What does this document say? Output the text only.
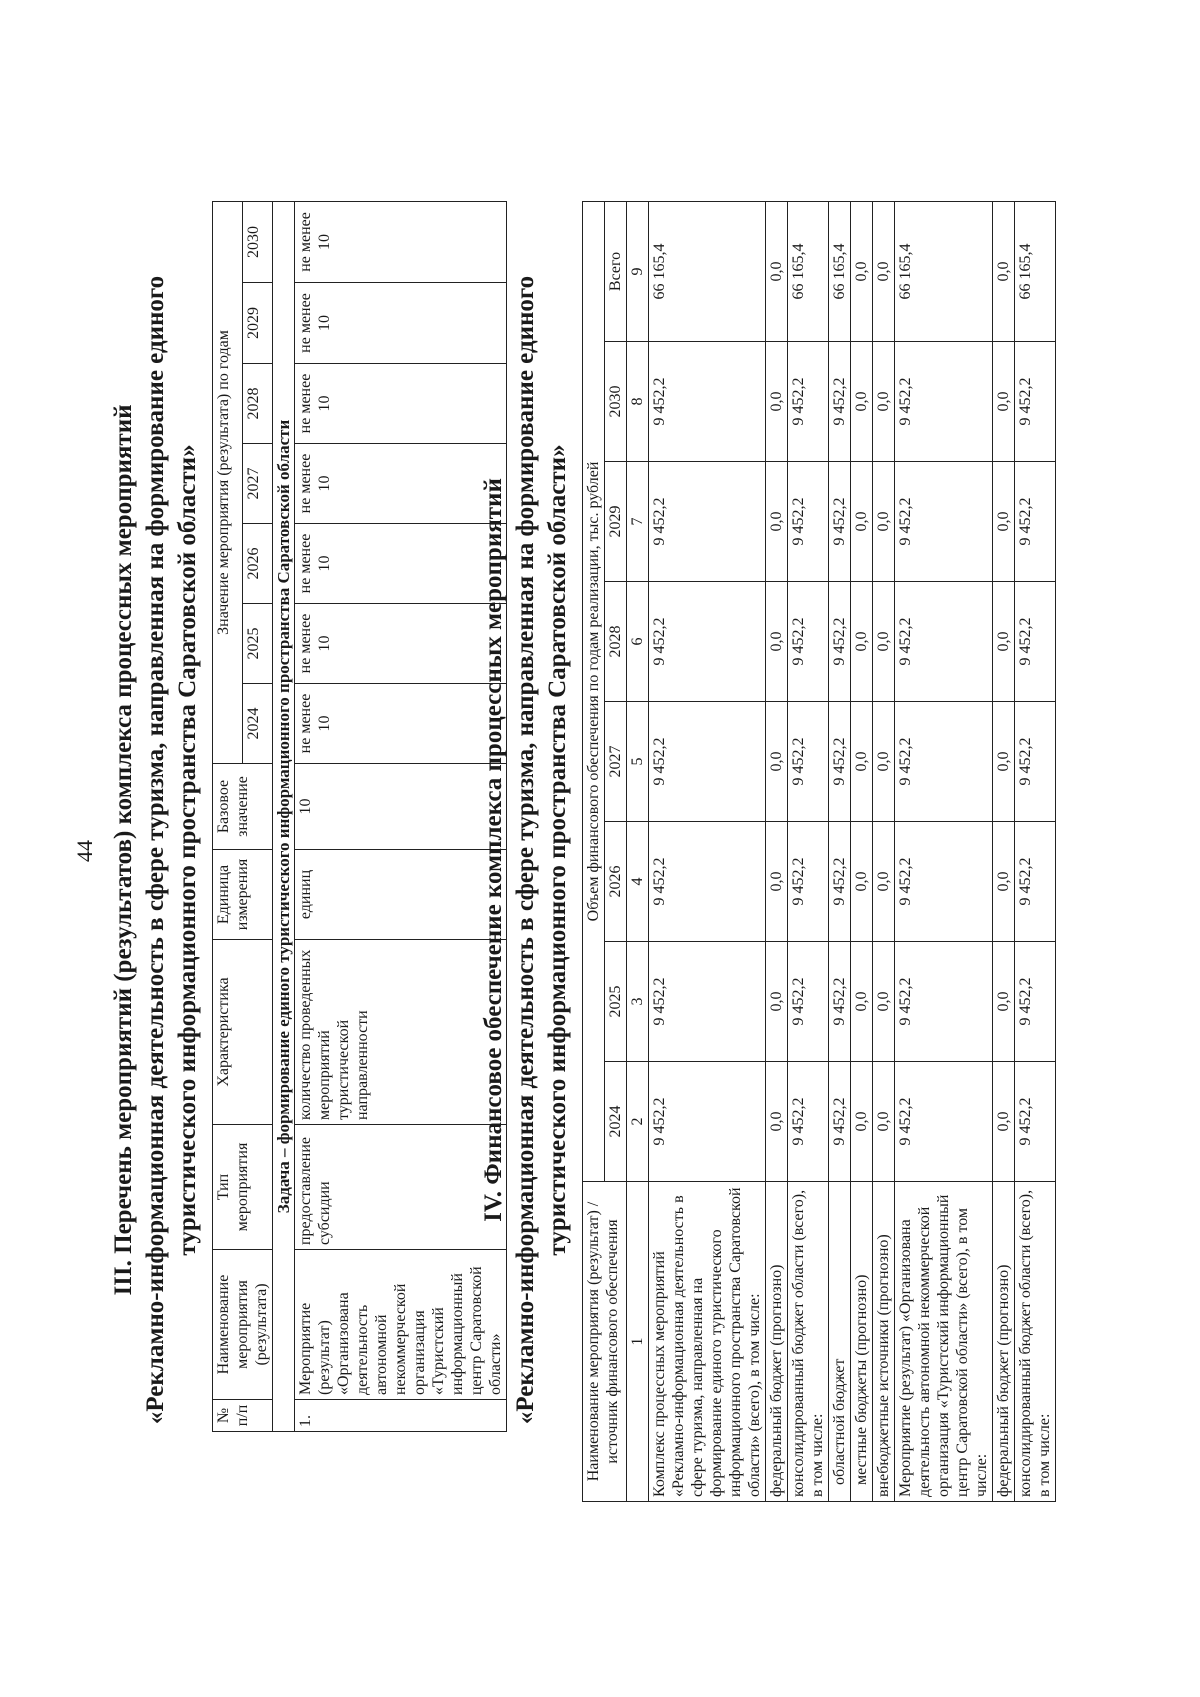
44 III. Перечень мероприятий (результатов) комплекса процессных мероприятий «Рекламно-информационная деятельность в сфере туризма, направленная на формирование единого туристического информационного пространства Саратовской области»
№ п/п	Наименование мероприятия (результата)	Тип мероприятия	Характеристика	Единица измерения	Базовое значение	Значение мероприятия (результата) по годам						
						2024	2025	2026	2027	2028	2029	2030
Задача – формирование единого туристического информационного пространства Саратовской области												
1.	Мероприятие (результат) «Организована деятельность автономной некоммерческой организация «Туристский информационный центр Саратовской области»	предоставление субсидии	количество проведенных мероприятий туристической направленности	единиц	10	не менее 10	не менее 10	не менее 10	не менее 10	не менее 10	не менее 10	не менее 10
IV. Финансовое обеспечение комплекса процессных мероприятий «Рекламно-информационная деятельность в сфере туризма, направленная на формирование единого туристического информационного пространства Саратовской области»
Наименование мероприятия (результат) / источник финансового обеспечения	Объем финансового обеспечения по годам реализации, тыс. рублей							
	2024	2025	2026	2027	2028	2029	2030	Всего
1	2	3	4	5	6	7	8	9
Комплекс процессных мероприятий «Рекламно-информационная деятельность в сфере туризма, направленная на формирование единого туристического информационного пространства Саратовской области» (всего), в том числе:	9 452,2	9 452,2	9 452,2	9 452,2	9 452,2	9 452,2	9 452,2	66 165,4
федеральный бюджет (прогнозно)	0,0	0,0	0,0	0,0	0,0	0,0	0,0	0,0
консолидированный бюджет области (всего), в том числе:	9 452,2	9 452,2	9 452,2	9 452,2	9 452,2	9 452,2	9 452,2	66 165,4
областной бюджет	9 452,2	9 452,2	9 452,2	9 452,2	9 452,2	9 452,2	9 452,2	66 165,4
местные бюджеты (прогнозно)	0,0	0,0	0,0	0,0	0,0	0,0	0,0	0,0
внебюджетные источники (прогнозно)	0,0	0,0	0,0	0,0	0,0	0,0	0,0	0,0
Мероприятие (результат) «Организована деятельность автономной некоммерческой организация «Туристский информационный центр Саратовской области» (всего), в том числе:	9 452,2	9 452,2	9 452,2	9 452,2	9 452,2	9 452,2	9 452,2	66 165,4
федеральный бюджет (прогнозно)	0,0	0,0	0,0	0,0	0,0	0,0	0,0	0,0
консолидированный бюджет области (всего), в том числе:	9 452,2	9 452,2	9 452,2	9 452,2	9 452,2	9 452,2	9 452,2	66 165,4
